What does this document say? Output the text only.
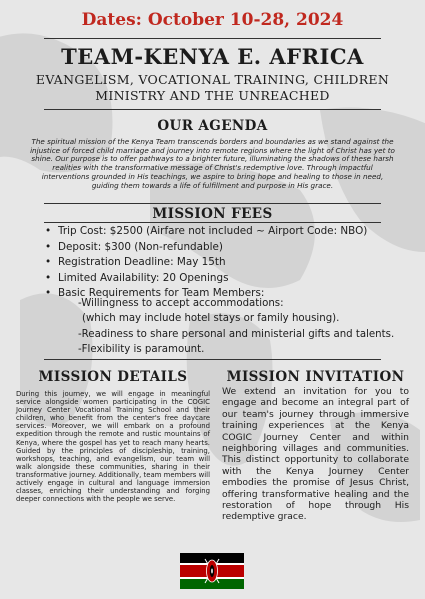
Dates: October 10-28, 2024
TEAM-KENYA E. AFRICA
EVANGELISM, VOCATIONAL TRAINING, CHILDREN MINISTRY AND THE UNREACHED
OUR AGENDA
The spiritual mission of the Kenya Team transcends borders and boundaries as we stand against the injustice of forced child marriage and journey into remote regions where the light of Christ has yet to shine. Our purpose is to offer pathways to a brighter future, illuminating the shadows of these harsh realities with the transformative message of Christ's redemptive love. Through impactful interventions grounded in His teachings, we aspire to bring hope and healing to those in need, guiding them towards a life of fulfillment and purpose in His grace.
MISSION FEES
• Trip Cost: $2500 (Airfare not included ~ Airport Code: NBO)
• Deposit: $300 (Non-refundable)
• Registration Deadline: May 15th
• Limited Availability: 20 Openings
• Basic Requirements for Team Members:
-Willingness to accept accommodations:
(which may include hotel stays or family housing).
-Readiness to share personal and ministerial gifts and talents.
-Flexibility is paramount.
MISSION DETAILS
During this journey, we will engage in meaningful service alongside women participating in the COGIC Journey Center Vocational Training School and their children, who benefit from the center's free daycare services. Moreover, we will embark on a profound expedition through the remote and rustic mountains of Kenya, where the gospel has yet to reach many hearts. Guided by the principles of discipleship, training, workshops, teaching, and evangelism, our team will walk alongside these communities, sharing in their transformative journey. Additionally, team members will actively engage in cultural and language immersion classes, enriching their understanding and forging deeper connections with the people we serve.
MISSION INVITATION
We extend an invitation for you to engage and become an integral part of our team's journey through immersive training experiences at the Kenya COGIC Journey Center and within neighboring villages and communities. This distinct opportunity to collaborate with the Kenya Journey Center embodies the promise of Jesus Christ, offering transformative healing and the restoration of hope through His redemptive grace.
